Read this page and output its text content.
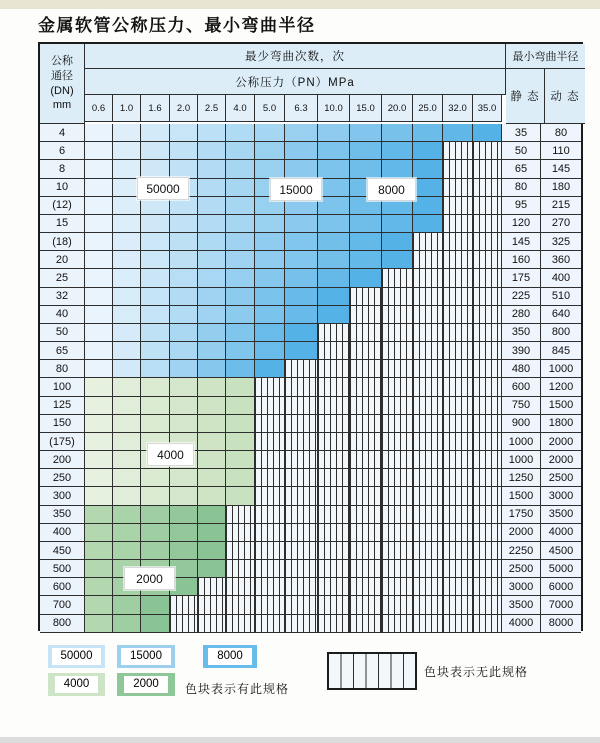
金属软管公称压力、最小弯曲半径
公称
通径
(DN)
mm
最少弯曲次数，次
公称压力（PN）MPa
0.6	1.0	1.6	2.0	2.5	4.0	5.0	6.3	10.0	15.0	20.0	25.0	32.0	35.0
最小弯曲半径
静 态 动 态
4	35	80
6	50	110
8	65	145
10	80	180
(12)	95	215
15	120	270
(18)	145	325
20	160	360
25	175	400
32	225	510
40	280	640
50	350	800
65	390	845
80	480	1000
100	600	1200
125	750	1500
150	900	1800
(175)	1000	2000
200	1000	2000
250	1250	2500
300	1500	3000
350	1750	3500
400	2000	4000
450	2250	4500
500	2500	5000
600	3000	6000
700	3500	7000
800	4000	8000
50000	15000	8000
4000
2000
50000	15000	8000
4000	2000	色块表示有此规格
色块表示无此规格
